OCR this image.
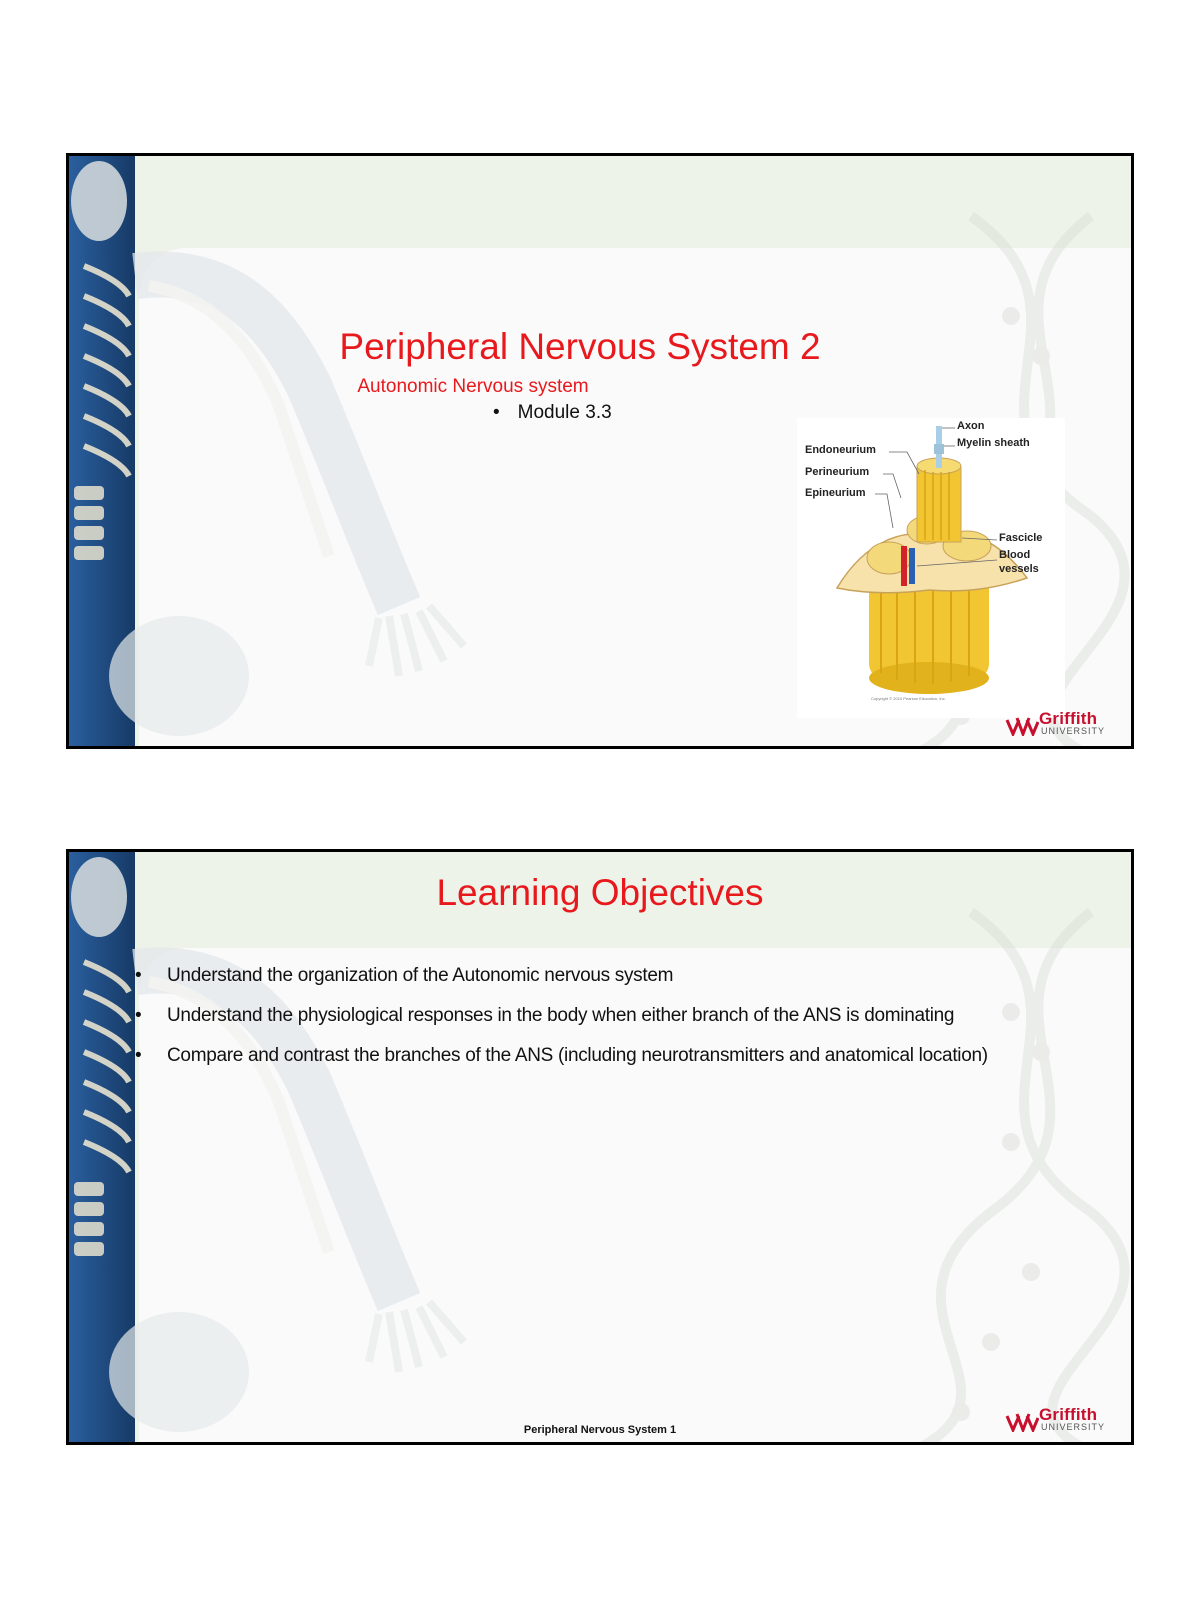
Peripheral Nervous System 2
Autonomic Nervous system
• Module 3.3
Endoneurium
Perineurium
Epineurium
Axon
Myelin sheath
Fascicle
Blood
vessels
Copyright © 2010 Pearson Education, Inc.
Griffith
UNIVERSITY
Learning Objectives
• Understand the organization of the Autonomic nervous system
• Understand the physiological responses in the body when either branch of the ANS is dominating
• Compare and contrast the branches of the ANS (including neurotransmitters and anatomical location)
Peripheral Nervous System 1
Griffith
UNIVERSITY
